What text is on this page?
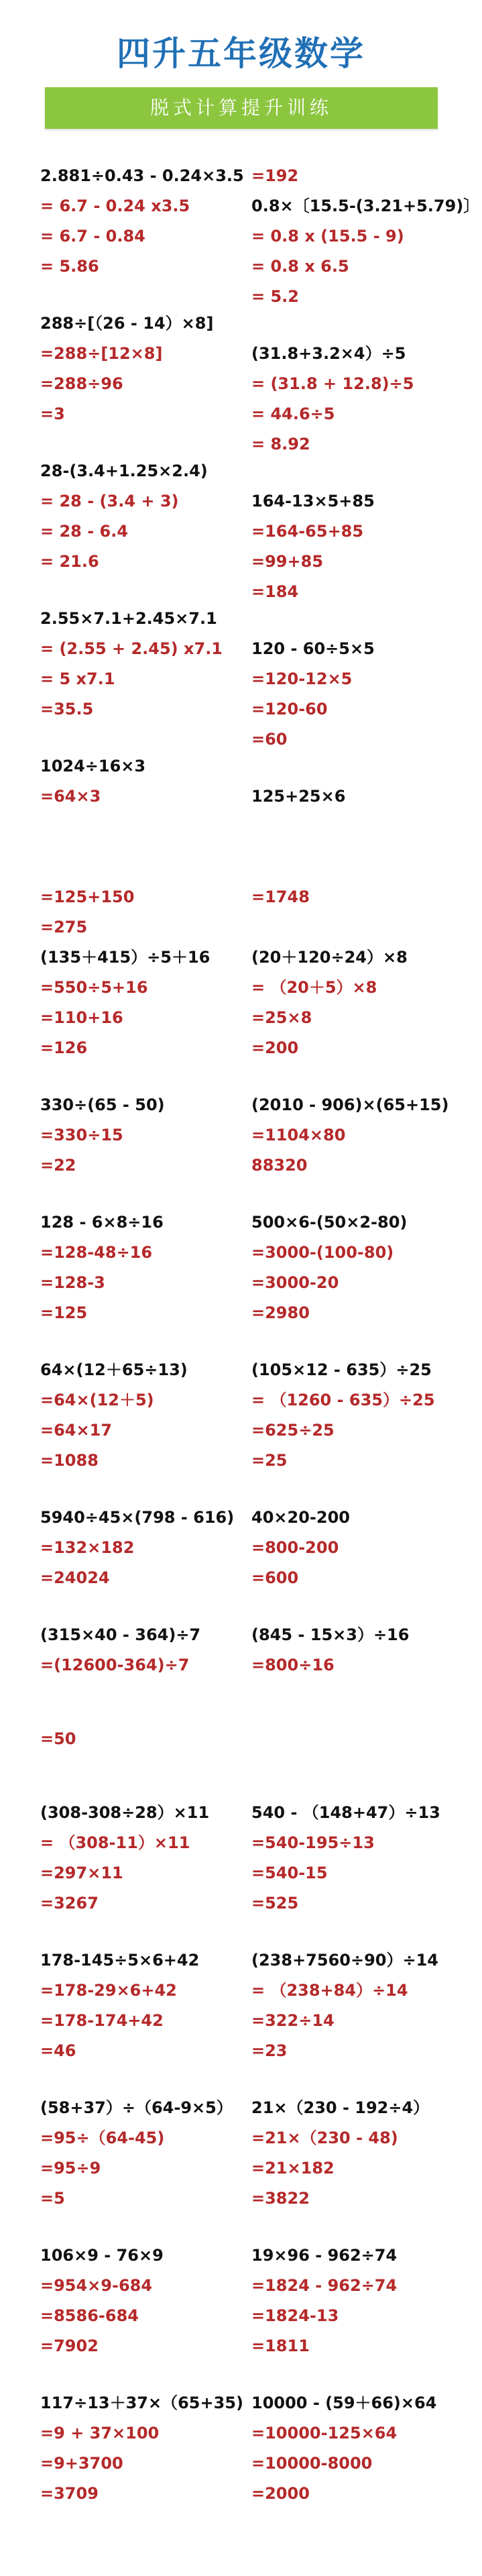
四升五年级数学
脱式计算提升训练
2.881÷0.43 - 0.24×3.5
= 6.7 - 0.24 x3.5
= 6.7 - 0.84
= 5.86
=192
0.8×〔15.5-(3.21+5.79)〕
= 0.8 x (15.5 - 9)
= 0.8 x 6.5
= 5.2
288÷[（26 - 14）×8]
=288÷[12×8]
=288÷96
=3
(31.8+3.2×4）÷5
= (31.8 + 12.8)÷5
= 44.6÷5
= 8.92
28-(3.4+1.25×2.4)
= 28 - (3.4 + 3)
= 28 - 6.4
= 21.6
164-13×5+85
=164-65+85
=99+85
=184
2.55×7.1+2.45×7.1
= (2.55 + 2.45) x7.1
= 5 x7.1
=35.5
120 - 60÷5×5
=120-12×5
=120-60
=60
1024÷16×3
=64×3	125+25×6
=125+150
=275
=1748
(135＋415）÷5＋16
=550÷5+16
=110+16
=126
(20＋120÷24）×8
= （20＋5）×8
=25×8
=200
330÷(65 - 50)
=330÷15
=22
(2010 - 906)×(65+15)
=1104×80
88320
128 - 6×8÷16
=128-48÷16
=128-3
=125
500×6-(50×2-80)
=3000-(100-80)
=3000-20
=2980
64×(12＋65÷13)
=64×(12＋5)
=64×17
=1088
(105×12 - 635）÷25
= （1260 - 635）÷25
=625÷25
=25
5940÷45×(798 - 616)
=132×182
=24024
40×20-200
=800-200
=600
(315×40 - 364)÷7
=(12600-364)÷7
(845 - 15×3）÷16
=800÷16
=50
(308-308÷28）×11
= （308-11）×11
=297×11
=3267
540 - （148+47）÷13
=540-195÷13
=540-15
=525
178-145÷5×6+42
=178-29×6+42
=178-174+42
=46
(238+7560÷90）÷14
= （238+84）÷14
=322÷14
=23
(58+37）÷（64-9×5）
=95÷（64-45)
=95÷9
=5
21×（230 - 192÷4）
=21×（230 - 48)
=21×182
=3822
106×9 - 76×9
=954×9-684
=8586-684
=7902
19×96 - 962÷74
=1824 - 962÷74
=1824-13
=1811
117÷13＋37×（65+35)
=9 + 37×100
=9+3700
=3709
10000 - (59＋66)×64
=10000-125×64
=10000-8000
=2000
